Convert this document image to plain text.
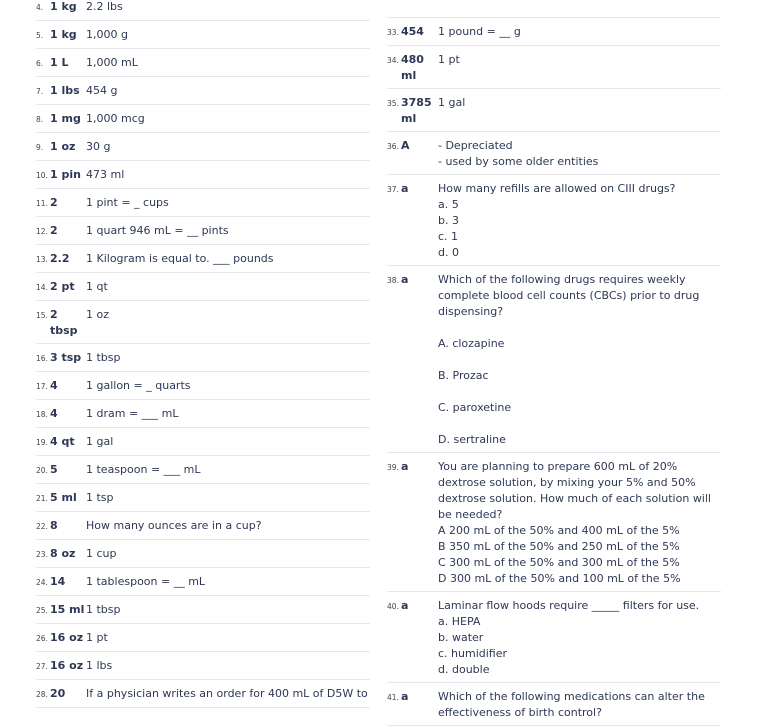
4. 1 kg 2.2 lbs
5. 1 kg 1,000 g
6. 1 L	1,000 mL
7. 1 lbs 454 g
8. 1 mg 1,000 mcg
9. 1 oz 30 g
10. 1 pin 473 ml
11. 2	1 pint = _ cups
12. 2	1 quart 946 mL = __ pints
13. 2.2	1 Kilogram is equal to. ___ pounds
14. 2 pt	1 qt
15. 2 tbsp
1 oz
16. 3 tsp 1 tbsp
17. 4	1 gallon = _ quarts
18. 4	1 dram = ___ mL
19. 4 qt	1 gal
20. 5	1 teaspoon = ___ mL
21. 5 ml 1 tsp
22. 8	How many ounces are in a cup?
23. 8 oz 1 cup
24. 14	1 tablespoon = __ mL
25. 15 ml 1 tbsp
26. 16 oz 1 pt
27. 16 oz 1 lbs
28. 20	If a physician writes an order for 400 mL of D5W to
33. 454	1 pound = __ g
34. 480 ml
1 pt
35. 3785 ml
1 gal
36. A	- Depreciated
- used by some older entities
37. a	How many refills are allowed on CIII drugs?
a. 5
b. 3
c. 1
d. 0
38. a	Which of the following drugs requires weekly complete blood cell counts (CBCs) prior to drug dispensing?
A. clozapine
B. Prozac
C. paroxetine
D. sertraline
39. a	You are planning to prepare 600 mL of 20% dextrose solution, by mixing your 5% and 50% dextrose solution. How much of each solution will be needed?
A 200 mL of the 50% and 400 mL of the 5%
B 350 mL of the 50% and 250 mL of the 5%
C 300 mL of the 50% and 300 mL of the 5%
D 300 mL of the 50% and 100 mL of the 5%
40. a	Laminar flow hoods require _____ filters for use.
a. HEPA
b. water
c. humidifier
d. double
41. a	Which of the following medications can alter the effectiveness of birth control?
